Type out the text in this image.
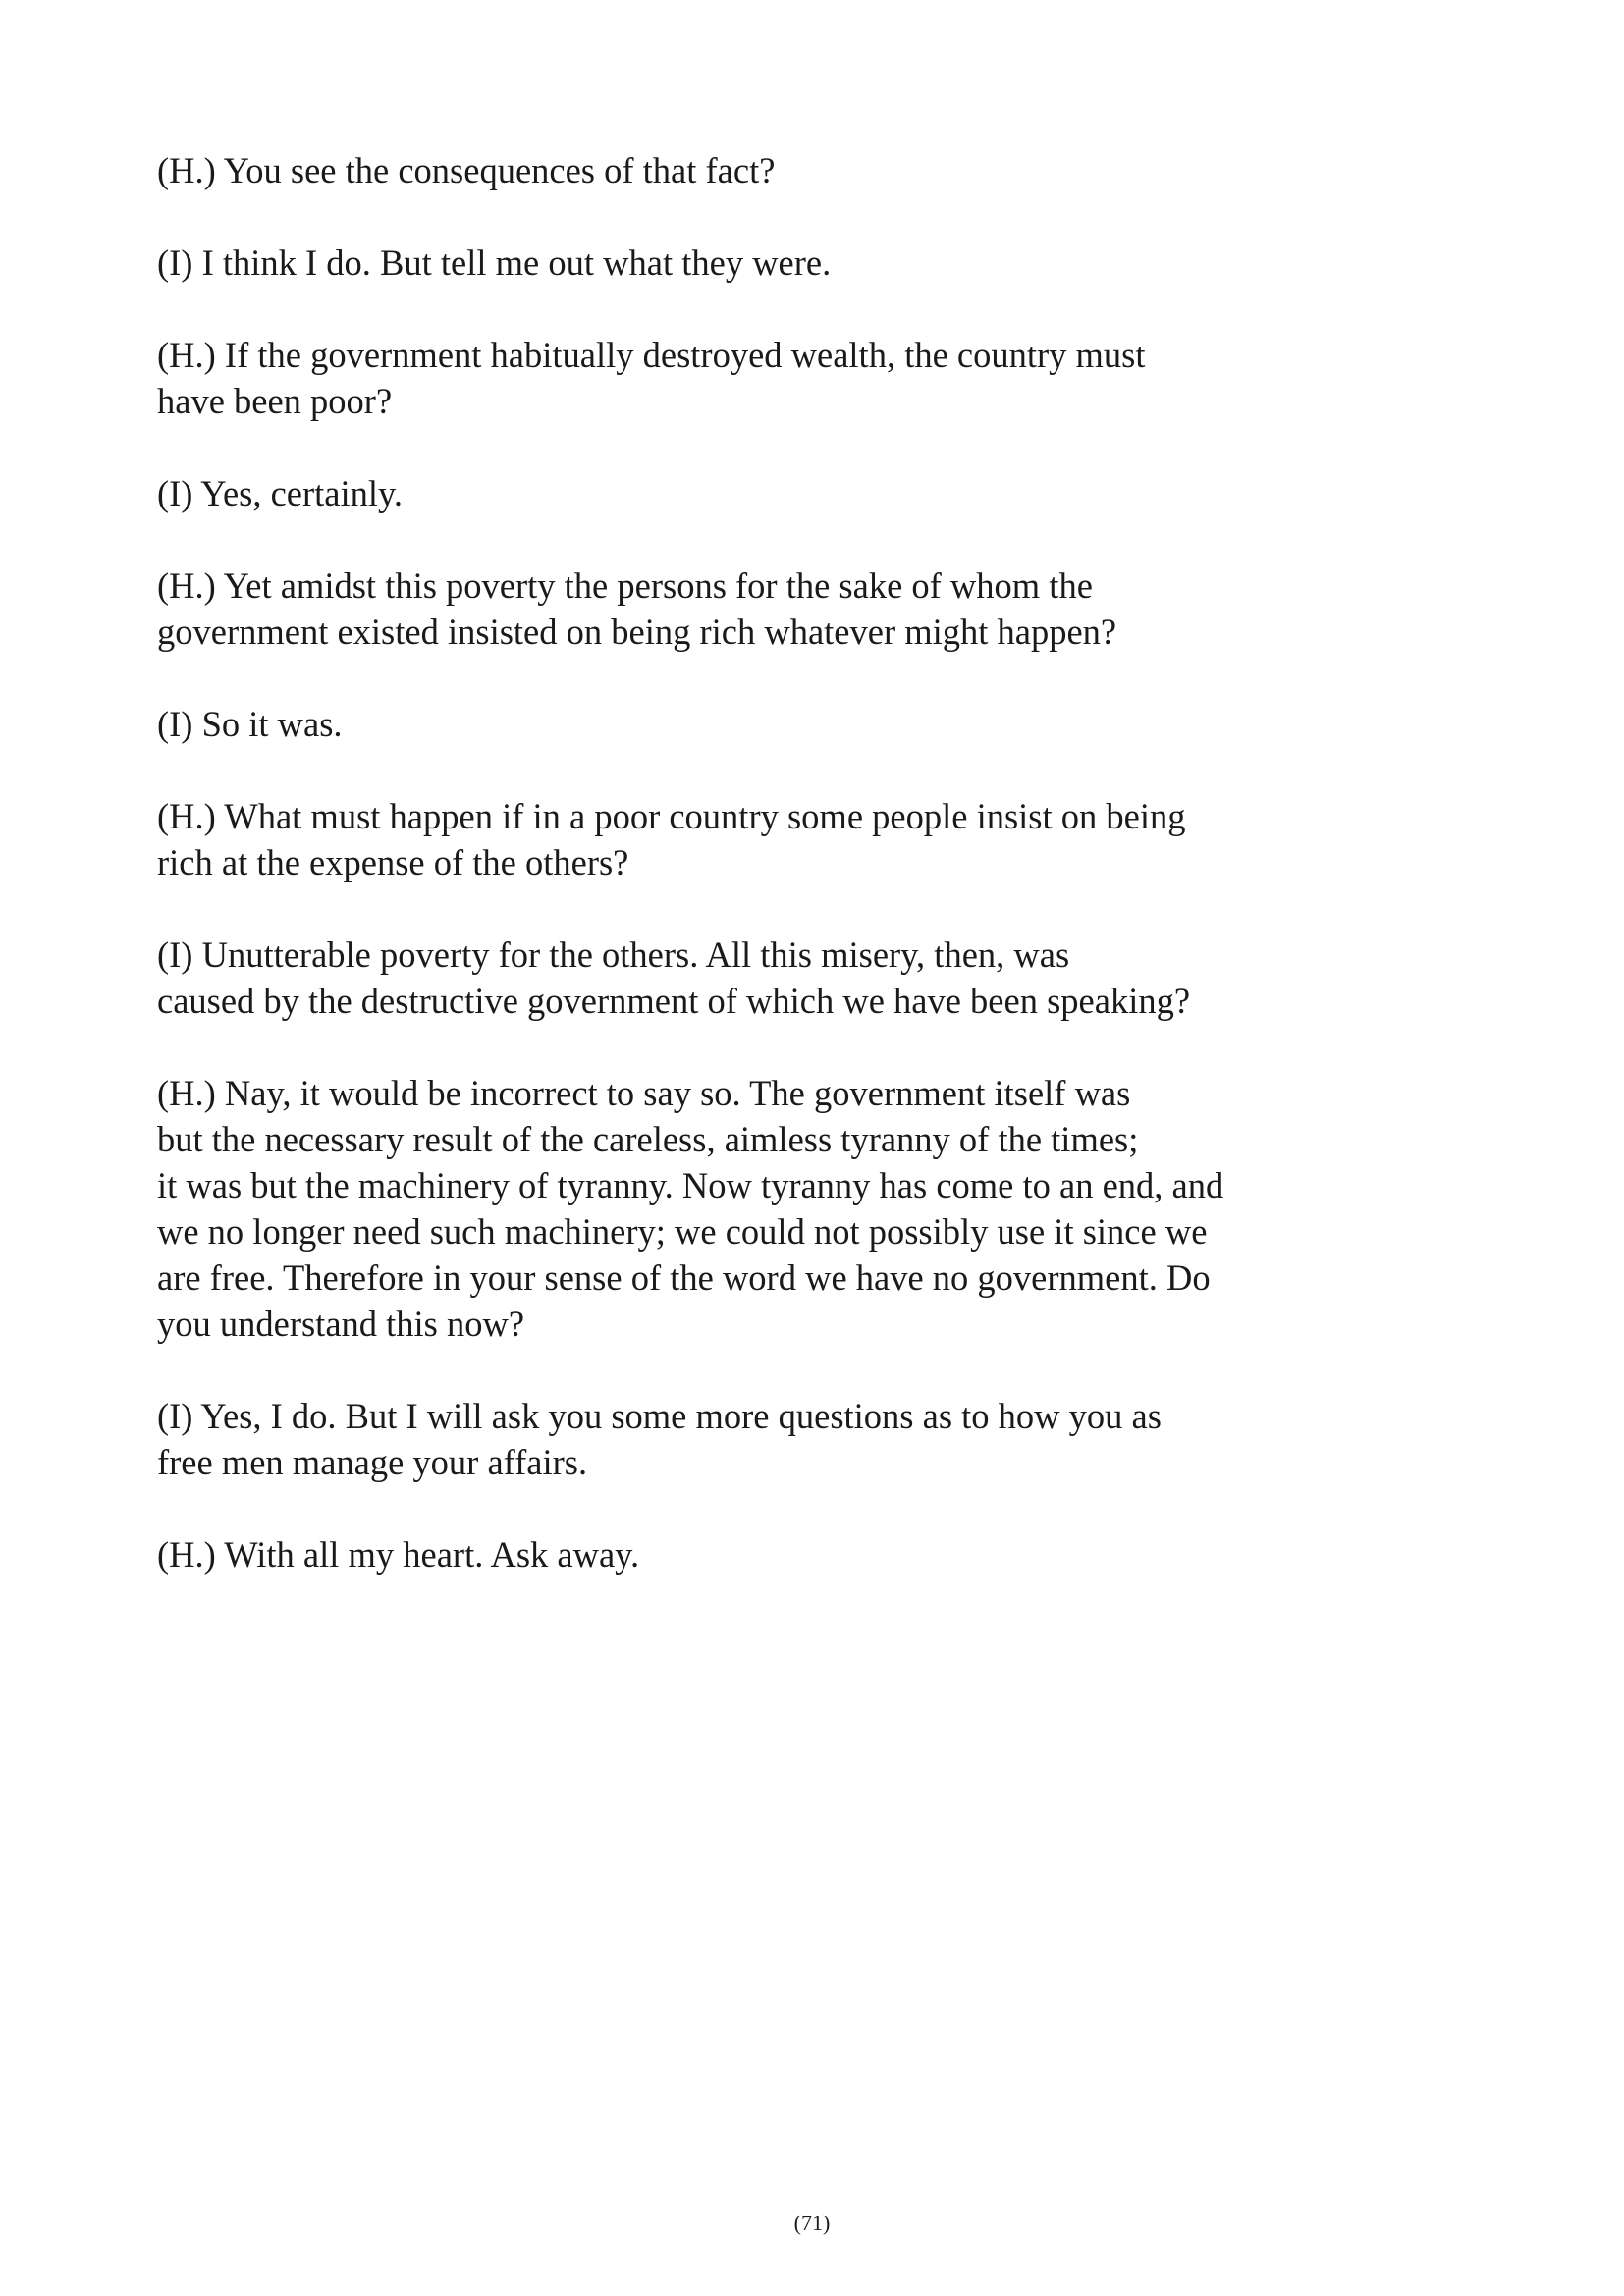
(H.) You see the consequences of that fact?

(I) I think I do. But tell me out what they were.

(H.) If the government habitually destroyed wealth, the country must
have been poor?

(I) Yes, certainly.

(H.) Yet amidst this poverty the persons for the sake of whom the
government existed insisted on being rich whatever might happen?

(I) So it was.

(H.) What must happen if in a poor country some people insist on being
rich at the expense of the others?

(I) Unutterable poverty for the others. All this misery, then, was
caused by the destructive government of which we have been speaking?

(H.) Nay, it would be incorrect to say so. The government itself was
but the necessary result of the careless, aimless tyranny of the times;
it was but the machinery of tyranny. Now tyranny has come to an end, and
we no longer need such machinery; we could not possibly use it since we
are free. Therefore in your sense of the word we have no government. Do
you understand this now?

(I) Yes, I do. But I will ask you some more questions as to how you as
free men manage your affairs.

(H.) With all my heart. Ask away.

(71)
